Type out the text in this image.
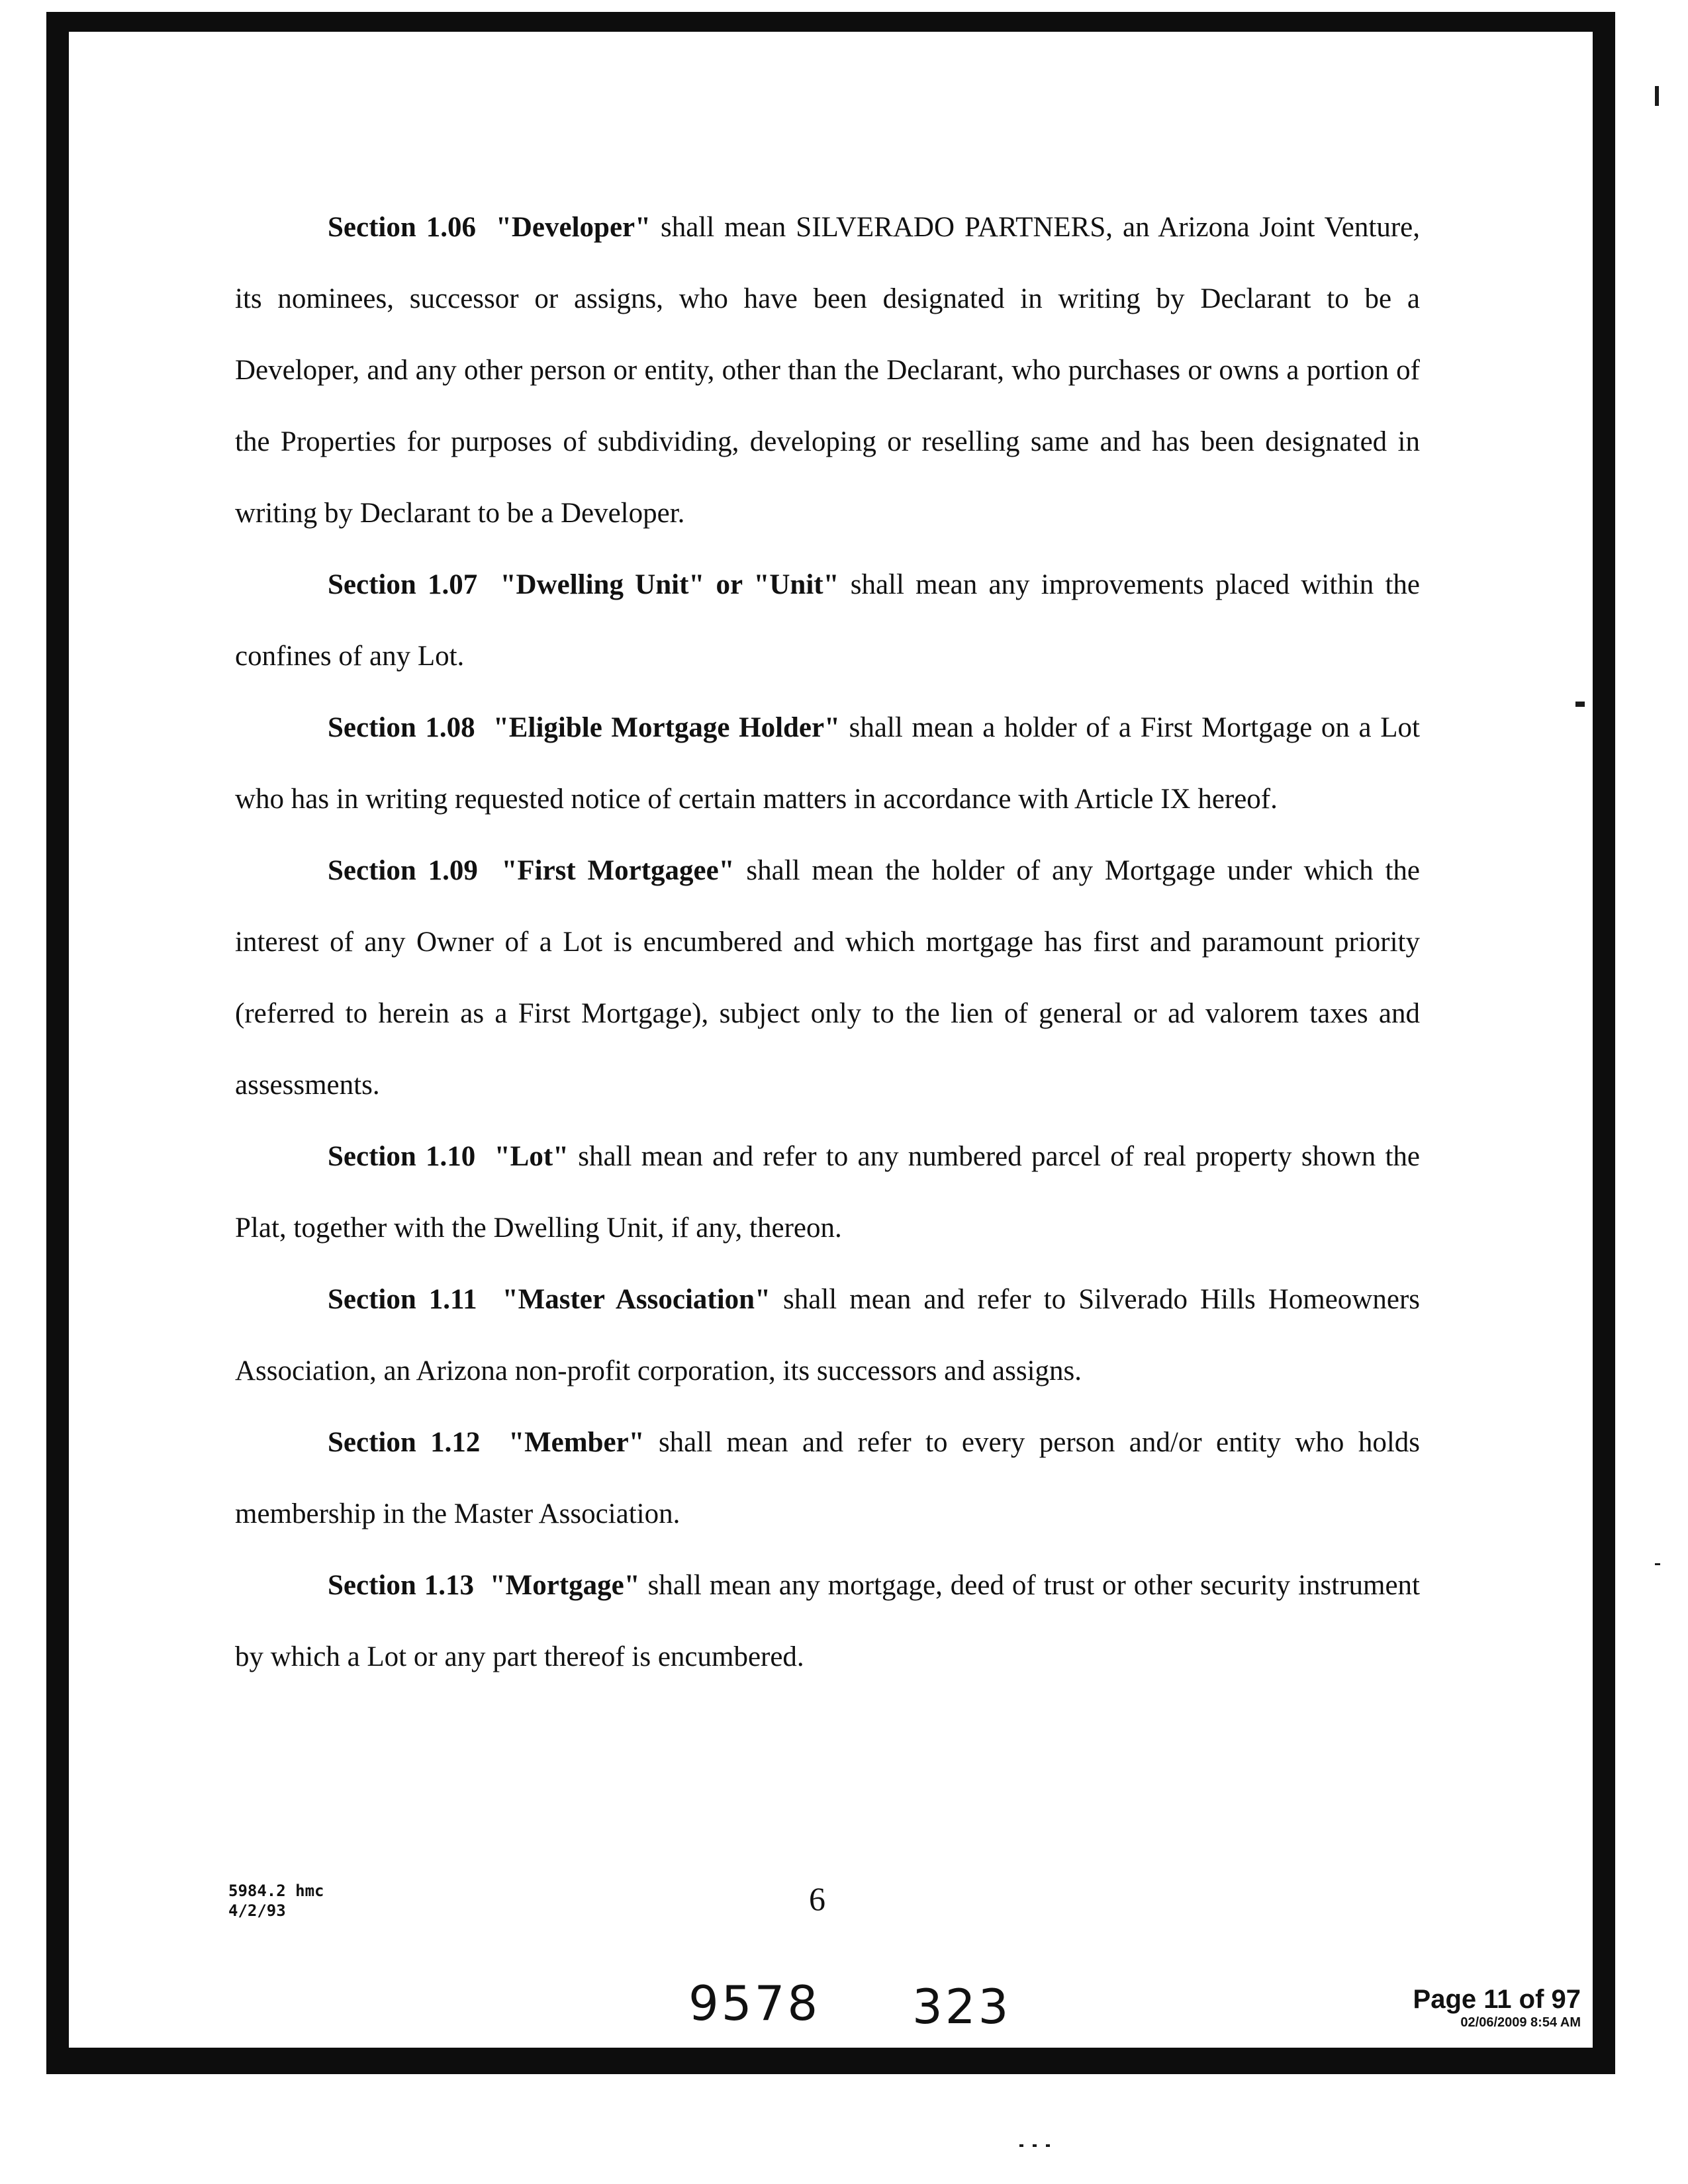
Section 1.06 "Developer" shall mean SILVERADO PARTNERS, an Arizona Joint Venture, its nominees, successor or assigns, who have been designated in writing by Declarant to be a Developer, and any other person or entity, other than the Declarant, who purchases or owns a portion of the Properties for purposes of subdividing, developing or reselling same and has been designated in writing by Declarant to be a Developer.

Section 1.07 "Dwelling Unit" or "Unit" shall mean any improvements placed within the confines of any Lot.

Section 1.08 "Eligible Mortgage Holder" shall mean a holder of a First Mortgage on a Lot who has in writing requested notice of certain matters in accordance with Article IX hereof.

Section 1.09 "First Mortgagee" shall mean the holder of any Mortgage under which the interest of any Owner of a Lot is encumbered and which mortgage has first and paramount priority (referred to herein as a First Mortgage), subject only to the lien of general or ad valorem taxes and assessments.

Section 1.10 "Lot" shall mean and refer to any numbered parcel of real property shown the Plat, together with the Dwelling Unit, if any, thereon.

Section 1.11 "Master Association" shall mean and refer to Silverado Hills Homeowners Association, an Arizona non-profit corporation, its successors and assigns.

Section 1.12 "Member" shall mean and refer to every person and/or entity who holds membership in the Master Association.

Section 1.13 "Mortgage" shall mean any mortgage, deed of trust or other security instrument by which a Lot or any part thereof is encumbered.

5984.2 hmc
4/2/93	6
9578 323	Page 11 of 97
02/06/2009 8:54 AM
